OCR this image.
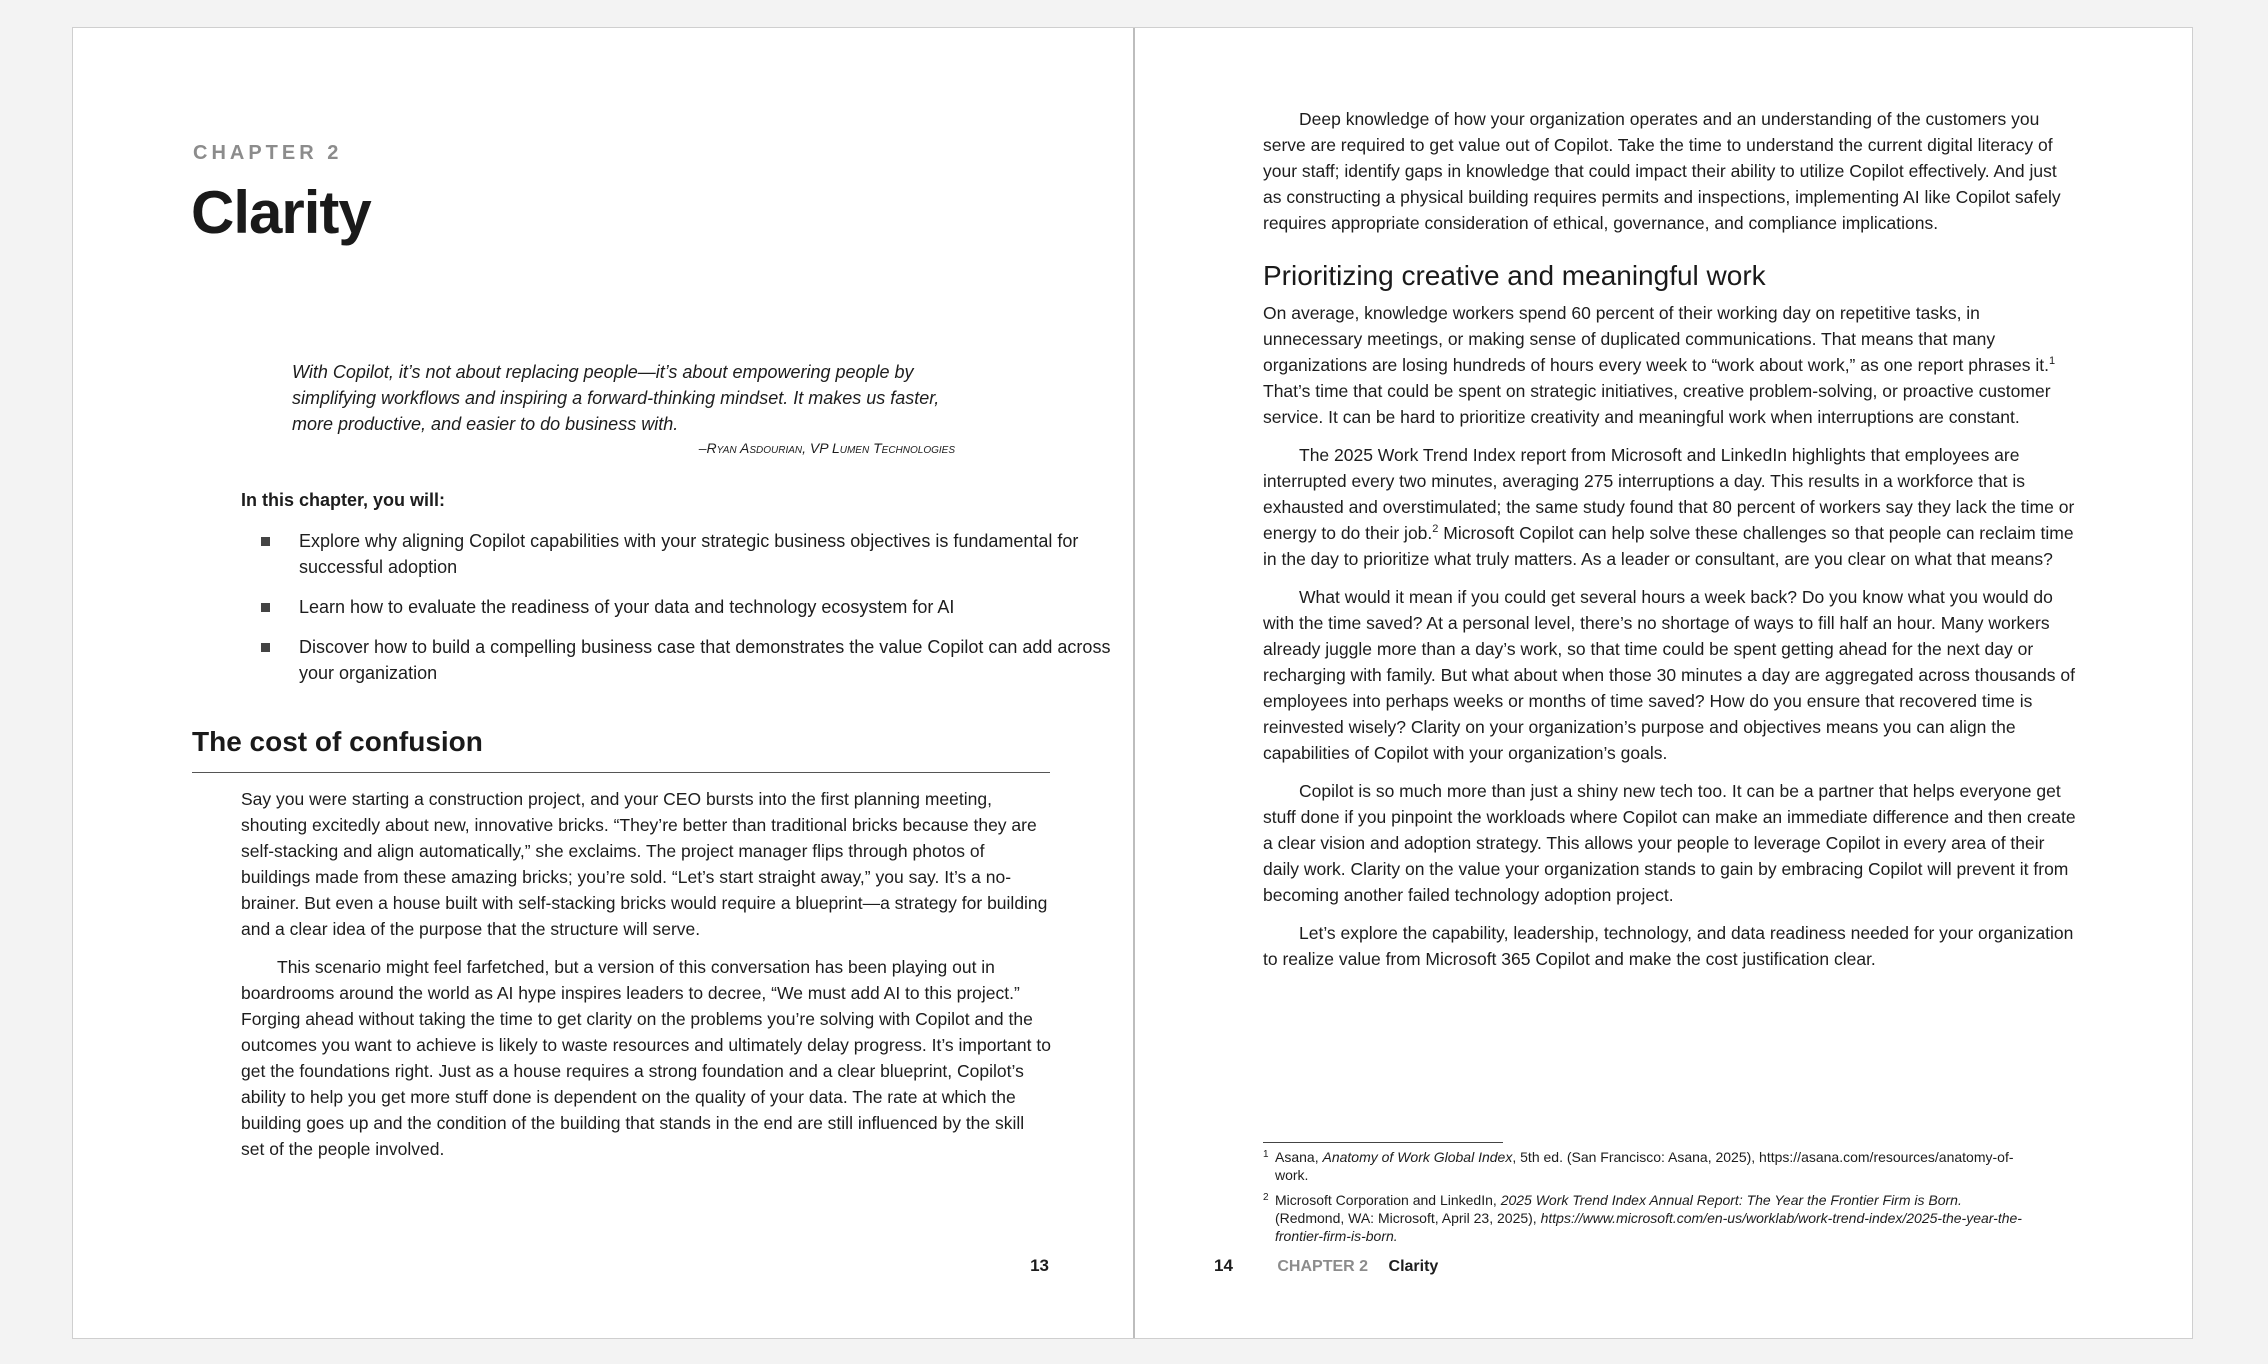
CHAPTER 2
Clarity

With Copilot, it’s not about replacing people—it’s about empowering people by simplifying workflows and inspiring a forward-thinking mindset. It makes us faster, more productive, and easier to do business with.

–Ryan Asdourian, VP Lumen Technologies
In this chapter, you will:
Explore why aligning Copilot capabilities with your strategic business objectives is fundamental for successful adoption
Learn how to evaluate the readiness of your data and technology ecosystem for AI
Discover how to build a compelling business case that demonstrates the value Copilot can add across your organization
The cost of confusion

Say you were starting a construction project, and your CEO bursts into the first planning meeting, shouting excitedly about new, innovative bricks. “They’re better than traditional bricks because they are self-stacking and align automatically,” she exclaims. The project manager flips through photos of buildings made from these amazing bricks; you’re sold. “Let’s start straight away,” you say. It’s a no-brainer. But even a house built with self-stacking bricks would require a blueprint—a strategy for building and a clear idea of the purpose that the structure will serve.

This scenario might feel farfetched, but a version of this conversation has been playing out in boardrooms around the world as AI hype inspires leaders to decree, “We must add AI to this project.” Forging ahead without taking the time to get clarity on the problems you’re solving with Copilot and the outcomes you want to achieve is likely to waste resources and ultimately delay progress. It’s important to get the foundations right. Just as a house requires a strong foundation and a clear blueprint, Copilot’s ability to help you get more stuff done is dependent on the quality of your data. The rate at which the building goes up and the condition of the building that stands in the end are still influenced by the skill set of the people involved.

13

Deep knowledge of how your organization operates and an understanding of the customers you serve are required to get value out of Copilot. Take the time to understand the current digital literacy of your staff; identify gaps in knowledge that could impact their ability to utilize Copilot effectively. And just as constructing a physical building requires permits and inspections, implementing AI like Copilot safely requires appropriate consideration of ethical, governance, and compliance implications.

Prioritizing creative and meaningful work

On average, knowledge workers spend 60 percent of their working day on repetitive tasks, in unnecessary meetings, or making sense of duplicated communications. That means that many organizations are losing hundreds of hours every week to “work about work,” as one report phrases it.$^1$ That’s time that could be spent on strategic initiatives, creative problem-solving, or proactive customer service. It can be hard to prioritize creativity and meaningful work when interruptions are constant.

The 2025 Work Trend Index report from Microsoft and LinkedIn highlights that employees are interrupted every two minutes, averaging 275 interruptions a day. This results in a workforce that is exhausted and overstimulated; the same study found that 80 percent of workers say they lack the time or energy to do their job.$^2$ Microsoft Copilot can help solve these challenges so that people can reclaim time in the day to prioritize what truly matters. As a leader or consultant, are you clear on what that means?

What would it mean if you could get several hours a week back? Do you know what you would do with the time saved? At a personal level, there’s no shortage of ways to fill half an hour. Many workers already juggle more than a day’s work, so that time could be spent getting ahead for the next day or recharging with family. But what about when those 30 minutes a day are aggregated across thousands of employees into perhaps weeks or months of time saved? How do you ensure that recovered time is reinvested wisely? Clarity on your organization’s purpose and objectives means you can align the capabilities of Copilot with your organization’s goals.

Copilot is so much more than just a shiny new tech too. It can be a partner that helps everyone get stuff done if you pinpoint the workloads where Copilot can make an immediate difference and then create a clear vision and adoption strategy. This allows your people to leverage Copilot in every area of their daily work. Clarity on the value your organization stands to gain by embracing Copilot will prevent it from becoming another failed technology adoption project.

Let’s explore the capability, leadership, technology, and data readiness needed for your organization to realize value from Microsoft 365 Copilot and make the cost justification clear.

1 Asana, Anatomy of Work Global Index, 5th ed. (San Francisco: Asana, 2025), https://asana.com/resources/anatomy-of-work.
2 Microsoft Corporation and LinkedIn, 2025 Work Trend Index Annual Report: The Year the Frontier Firm is Born. (Redmond, WA: Microsoft, April 23, 2025), https://www.microsoft.com/en-us/worklab/work-trend-index/2025-the-year-the-frontier-firm-is-born.
14	CHAPTER 2 Clarity
